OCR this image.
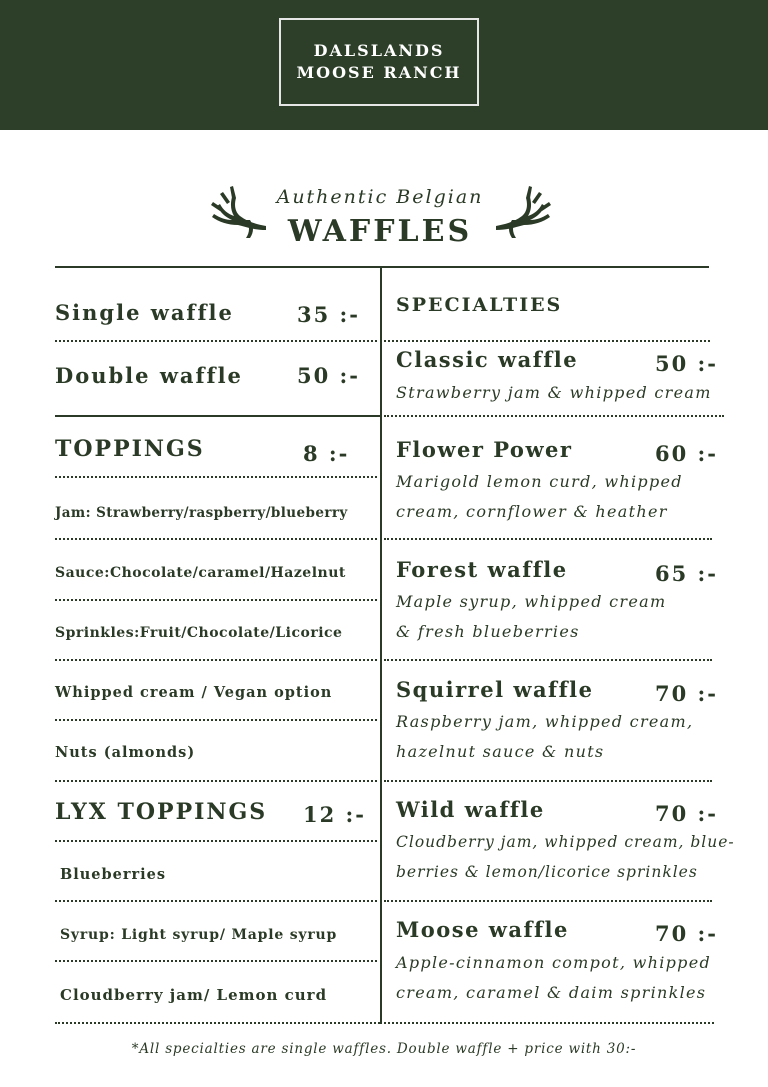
DALSLANDS
MOOSE RANCH
Authentic Belgian
WAFFLES
Single waffle	35 :-
Double waffle	50 :-
TOPPINGS	8 :-
Jam: Strawberry/raspberry/blueberry
Sauce:Chocolate/caramel/Hazelnut
Sprinkles:Fruit/Chocolate/Licorice
Whipped cream / Vegan option
Nuts (almonds)
LYX TOPPINGS 12 :-
Blueberries
Syrup: Light syrup/ Maple syrup
Cloudberry jam/ Lemon curd
SPECIALTIES
Classic waffle	50 :-
Strawberry jam & whipped cream
Flower Power	60 :-
Marigold lemon curd, whipped
cream, cornflower & heather
Forest waffle	65 :-
Maple syrup, whipped cream
& fresh blueberries
Squirrel waffle	70 :-
Raspberry jam, whipped cream,
hazelnut sauce & nuts
Wild waffle	70 :-
Cloudberry jam, whipped cream, blue-
berries & lemon/licorice sprinkles
Moose waffle	70 :-
Apple-cinnamon compot, whipped
cream, caramel & daim sprinkles
*All specialties are single waffles. Double waffle + price with 30:-
